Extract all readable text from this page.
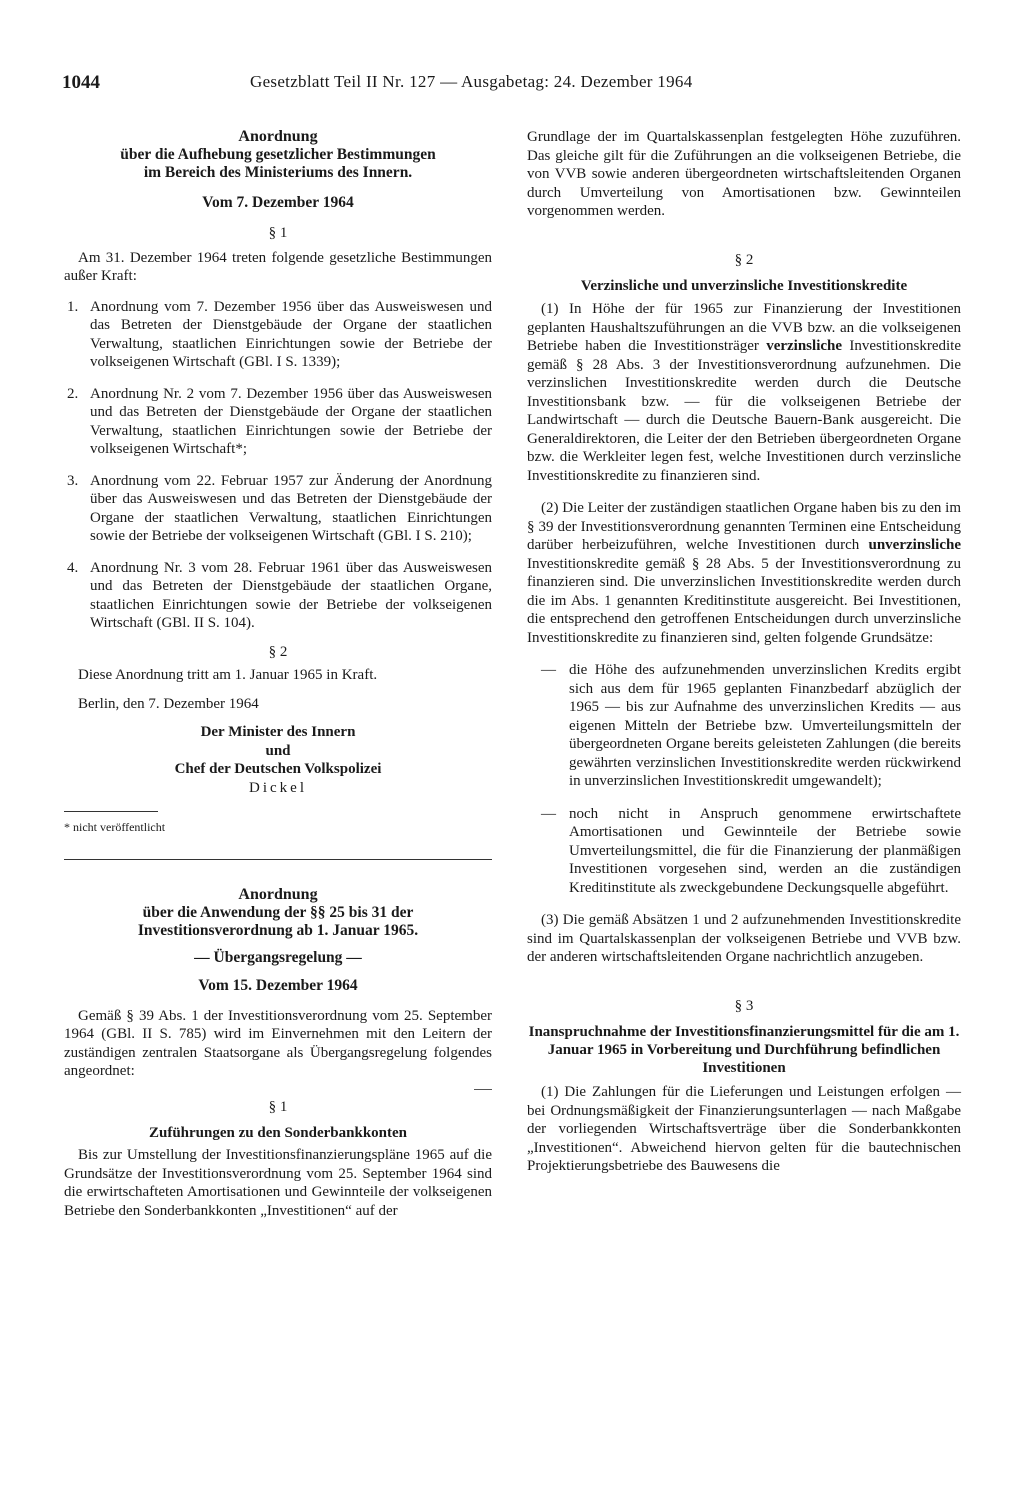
1044	Gesetzblatt Teil II Nr. 127 — Ausgabetag: 24. Dezember 1964
Anordnung
über die Aufhebung gesetzlicher Bestimmungen
im Bereich des Ministeriums des Innern.
Vom 7. Dezember 1964
§ 1

Am 31. Dezember 1964 treten folgende gesetzliche Bestimmungen außer Kraft:

1. Anordnung vom 7. Dezember 1956 über das Ausweiswesen und das Betreten der Dienstgebäude der Organe der staatlichen Verwaltung, staatlichen Einrichtungen sowie der Betriebe der volkseigenen Wirtschaft (GBl. I S. 1339);
2. Anordnung Nr. 2 vom 7. Dezember 1956 über das Ausweiswesen und das Betreten der Dienstgebäude der Organe der staatlichen Verwaltung, staatlichen Einrichtungen sowie der Betriebe der volkseigenen Wirtschaft*;
3. Anordnung vom 22. Februar 1957 zur Änderung der Anordnung über das Ausweiswesen und das Betreten der Dienstgebäude der Organe der staatlichen Verwaltung, staatlichen Einrichtungen sowie der Betriebe der volkseigenen Wirtschaft (GBl. I S. 210);
4. Anordnung Nr. 3 vom 28. Februar 1961 über das Ausweiswesen und das Betreten der Dienstgebäude der staatlichen Organe, staatlichen Einrichtungen sowie der Betriebe der volkseigenen Wirtschaft (GBl. II S. 104).
§ 2

Diese Anordnung tritt am 1. Januar 1965 in Kraft.

Berlin, den 7. Dezember 1964

Der Minister des Innern
und
Chef der Deutschen Volkspolizei
Dickel
* nicht veröffentlicht
Anordnung
über die Anwendung der §§ 25 bis 31 der
Investitionsverordnung ab 1. Januar 1965.
— Übergangsregelung —
Vom 15. Dezember 1964

Gemäß § 39 Abs. 1 der Investitionsverordnung vom 25. September 1964 (GBl. II S. 785) wird im Einvernehmen mit den Leitern der zuständigen zentralen Staatsorgane als Übergangsregelung folgendes angeordnet:

§ 1
Zuführungen zu den Sonderbankkonten

Bis zur Umstellung der Investitionsfinanzierungspläne 1965 auf die Grundsätze der Investitionsverordnung vom 25. September 1964 sind die erwirtschafteten Amortisationen und Gewinnteile der volkseigenen Betriebe den Sonderbankkonten „Investitionen“ auf der

Grundlage der im Quartalskassenplan festgelegten Höhe zuzuführen. Das gleiche gilt für die Zuführungen an die volkseigenen Betriebe, die von VVB sowie anderen übergeordneten wirtschaftsleitenden Organen durch Umverteilung von Amortisationen bzw. Gewinnteilen vorgenommen werden.

§ 2
Verzinsliche und unverzinsliche Investitionskredite

(1) In Höhe der für 1965 zur Finanzierung der Investitionen geplanten Haushaltszuführungen an die VVB bzw. an die volkseigenen Betriebe haben die Investitionsträger verzinsliche Investitionskredite gemäß § 28 Abs. 3 der Investitionsverordnung aufzunehmen. Die verzinslichen Investitionskredite werden durch die Deutsche Investitionsbank bzw. — für die volkseigenen Betriebe der Landwirtschaft — durch die Deutsche Bauern-Bank ausgereicht. Die Generaldirektoren, die Leiter der den Betrieben übergeordneten Organe bzw. die Werkleiter legen fest, welche Investitionen durch verzinsliche Investitionskredite zu finanzieren sind.

(2) Die Leiter der zuständigen staatlichen Organe haben bis zu den im § 39 der Investitionsverordnung genannten Terminen eine Entscheidung darüber herbeizuführen, welche Investitionen durch unverzinsliche Investitionskredite gemäß § 28 Abs. 5 der Investitionsverordnung zu finanzieren sind. Die unverzinslichen Investitionskredite werden durch die im Abs. 1 genannten Kreditinstitute ausgereicht. Bei Investitionen, die entsprechend den getroffenen Entscheidungen durch unverzinsliche Investitionskredite zu finanzieren sind, gelten folgende Grundsätze:

— die Höhe des aufzunehmenden unverzinslichen Kredits ergibt sich aus dem für 1965 geplanten Finanzbedarf abzüglich der 1965 — bis zur Aufnahme des unverzinslichen Kredits — aus eigenen Mitteln der Betriebe bzw. Umverteilungsmitteln der übergeordneten Organe bereits geleisteten Zahlungen (die bereits gewährten verzinslichen Investitionskredite werden rückwirkend in unverzinslichen Investitionskredit umgewandelt);
— noch nicht in Anspruch genommene erwirtschaftete Amortisationen und Gewinnteile der Betriebe sowie Umverteilungsmittel, die für die Finanzierung der planmäßigen Investitionen vorgesehen sind, werden an die zuständigen Kreditinstitute als zweckgebundene Deckungsquelle abgeführt.

(3) Die gemäß Absätzen 1 und 2 aufzunehmenden Investitionskredite sind im Quartalskassenplan der volkseigenen Betriebe und VVB bzw. der anderen wirtschaftsleitenden Organe nachrichtlich anzugeben.

§ 3
Inanspruchnahme der Investitionsfinanzierungsmittel für die am 1. Januar 1965 in Vorbereitung und Durchführung befindlichen Investitionen

(1) Die Zahlungen für die Lieferungen und Leistungen erfolgen — bei Ordnungsmäßigkeit der Finanzierungsunterlagen — nach Maßgabe der vorliegenden Wirtschaftsverträge über die Sonderbankkonten „Investitionen“. Abweichend hiervon gelten für die bautechnischen Projektierungsbetriebe des Bauwesens die
